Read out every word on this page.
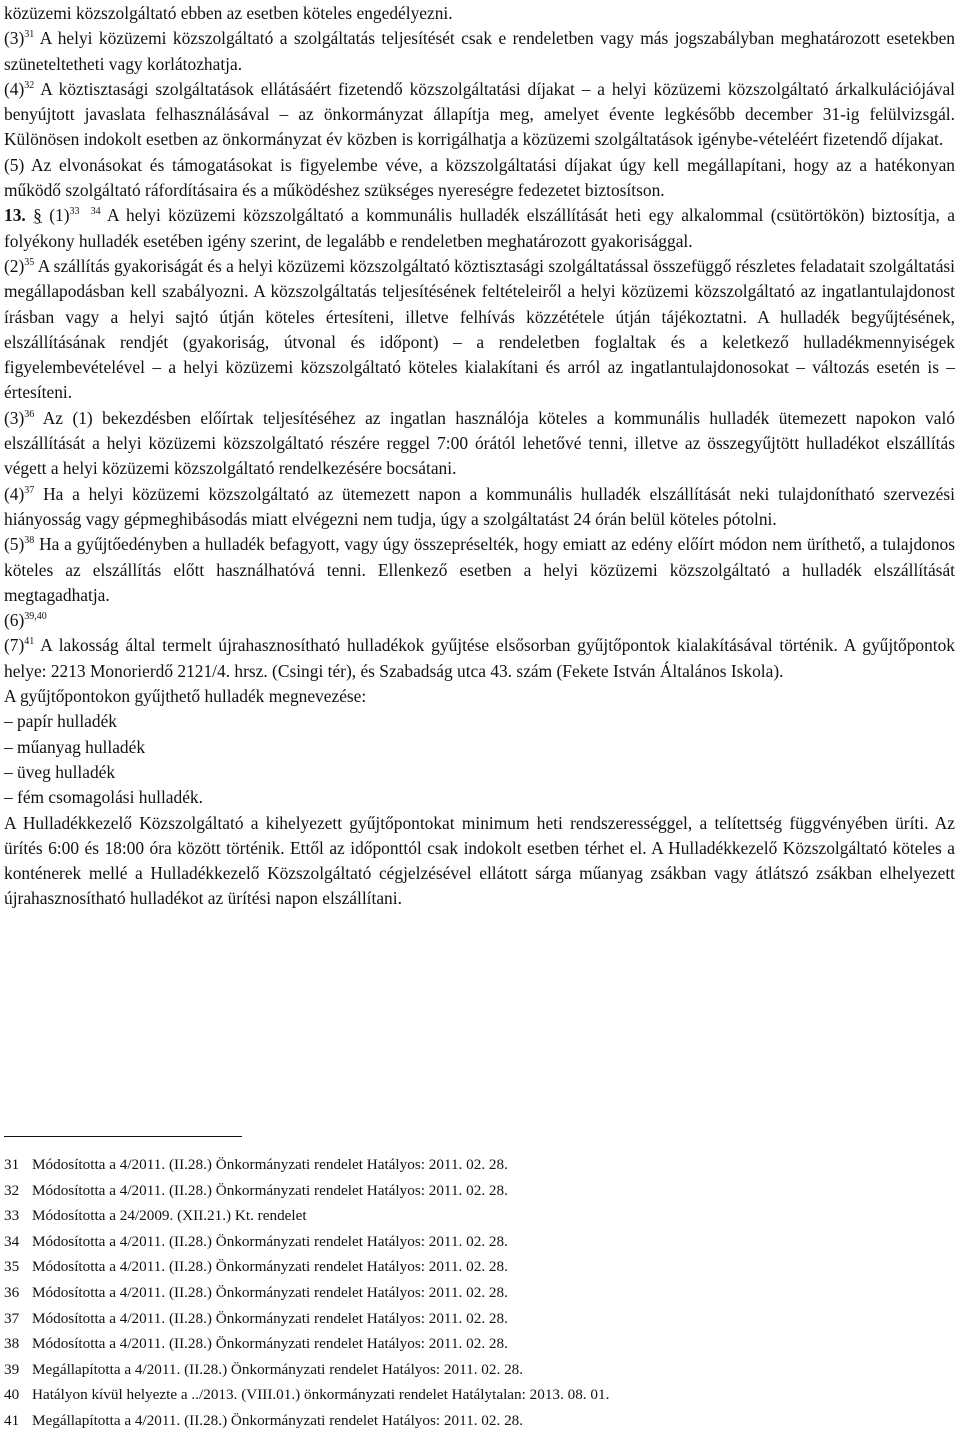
közüzemi közszolgáltató ebben az esetben köteles engedélyezni.

$(3)^{31}$ A helyi közüzemi közszolgáltató a szolgáltatás teljesítését csak e rendeletben vagy más jogszabályban meghatározott esetekben szüneteltetheti vagy korlátozhatja.

$(4)^{32}$ A köztisztasági szolgáltatások ellátásáért fizetendő közszolgáltatási díjakat – a helyi közüzemi közszolgáltató árkalkulációjával benyújtott javaslata felhasználásával – az önkormányzat állapítja meg, amelyet évente legkésőbb december 31-ig felülvizsgál. Különösen indokolt esetben az önkormányzat év közben is korrigálhatja a közüzemi szolgáltatások igénybe-vételéért fizetendő díjakat.

(5) Az elvonásokat és támogatásokat is figyelembe véve, a közszolgáltatási díjakat úgy kell megállapítani, hogy az a hatékonyan működő szolgáltató ráfordításaira és a működéshez szükséges nyereségre fedezetet biztosítson.

13. § $(1)^{33 34}$ A helyi közüzemi közszolgáltató a kommunális hulladék elszállítását heti egy alkalommal (csütörtökön) biztosítja, a folyékony hulladék esetében igény szerint, de legalább e rendeletben meghatározott gyakorisággal.

$(2)^{35}$ A szállítás gyakoriságát és a helyi közüzemi közszolgáltató köztisztasági szolgáltatással összefüggő részletes feladatait szolgáltatási megállapodásban kell szabályozni. A közszolgáltatás teljesítésének feltételeiről a helyi közüzemi közszolgáltató az ingatlantulajdonost írásban vagy a helyi sajtó útján köteles értesíteni, illetve felhívás közzététele útján tájékoztatni. A hulladék begyűjtésének, elszállításának rendjét (gyakoriság, útvonal és időpont) – a rendeletben foglaltak és a keletkező hulladékmennyiségek figyelembevételével – a helyi közüzemi közszolgáltató köteles kialakítani és arról az ingatlantulajdonosokat – változás esetén is – értesíteni.

$(3)^{36}$ Az (1) bekezdésben előírtak teljesítéséhez az ingatlan használója köteles a kommunális hulladék ütemezett napokon való elszállítását a helyi közüzemi közszolgáltató részére reggel 7:00 órától lehetővé tenni, illetve az összegyűjtött hulladékot elszállítás végett a helyi közüzemi közszolgáltató rendelkezésére bocsátani.

$(4)^{37}$ Ha a helyi közüzemi közszolgáltató az ütemezett napon a kommunális hulladék elszállítását neki tulajdonítható szervezési hiányosság vagy gépmeghibásodás miatt elvégezni nem tudja, úgy a szolgáltatást 24 órán belül köteles pótolni.

$(5)^{38}$ Ha a gyűjtőedényben a hulladék befagyott, vagy úgy összepréselték, hogy emiatt az edény előírt módon nem üríthető, a tulajdonos köteles az elszállítás előtt használhatóvá tenni. Ellenkező esetben a helyi közüzemi közszolgáltató a hulladék elszállítását megtagadhatja.

$(6)^{39,40}$

$(7)^{41}$ A lakosság által termelt újrahasznosítható hulladékok gyűjtése elsősorban gyűjtőpontok kialakításával történik. A gyűjtőpontok helye: 2213 Monorierdő 2121/4. hrsz. (Csingi tér), és Szabadság utca 43. szám (Fekete István Általános Iskola).

A gyűjtőpontokon gyűjthető hulladék megnevezése:

– papír hulladék

– műanyag hulladék

– üveg hulladék

– fém csomagolási hulladék.

A Hulladékkezelő Közszolgáltató a kihelyezett gyűjtőpontokat minimum heti rendszerességgel, a telítettség függvényében üríti. Az ürítés 6:00 és 18:00 óra között történik. Ettől az időponttól csak indokolt esetben térhet el. A Hulladékkezelő Közszolgáltató köteles a konténerek mellé a Hulladékkezelő Közszolgáltató cégjelzésével ellátott sárga műanyag zsákban vagy átlátszó zsákban elhelyezett újrahasznosítható hulladékot az ürítési napon elszállítani.

31 Módosította a 4/2011. (II.28.) Önkormányzati rendelet Hatályos: 2011. 02. 28.
32 Módosította a 4/2011. (II.28.) Önkormányzati rendelet Hatályos: 2011. 02. 28.
33 Módosította a 24/2009. (XII.21.) Kt. rendelet
34 Módosította a 4/2011. (II.28.) Önkormányzati rendelet Hatályos: 2011. 02. 28.
35 Módosította a 4/2011. (II.28.) Önkormányzati rendelet Hatályos: 2011. 02. 28.
36 Módosította a 4/2011. (II.28.) Önkormányzati rendelet Hatályos: 2011. 02. 28.
37 Módosította a 4/2011. (II.28.) Önkormányzati rendelet Hatályos: 2011. 02. 28.
38 Módosította a 4/2011. (II.28.) Önkormányzati rendelet Hatályos: 2011. 02. 28.
39 Megállapította a 4/2011. (II.28.) Önkormányzati rendelet Hatályos: 2011. 02. 28.
40 Hatályon kívül helyezte a ../2013. (VIII.01.) önkormányzati rendelet Hatálytalan: 2013. 08. 01.
41 Megállapította a 4/2011. (II.28.) Önkormányzati rendelet Hatályos: 2011. 02. 28.
